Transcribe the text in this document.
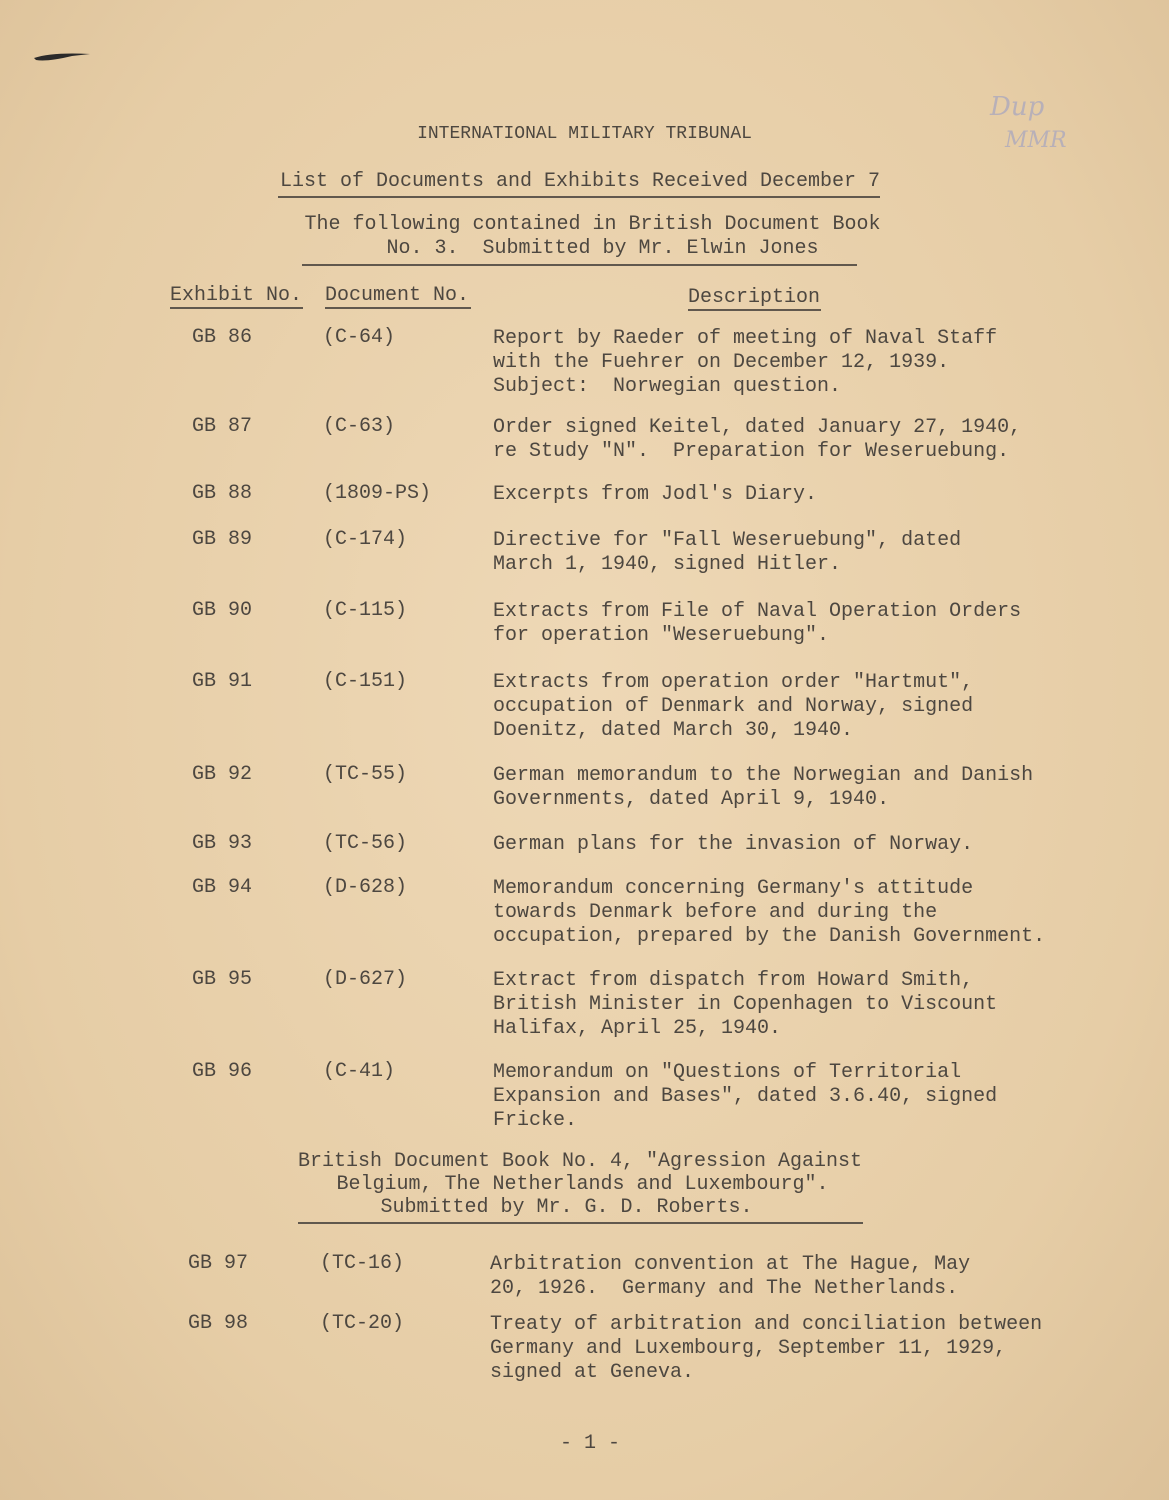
Dup
MMR
INTERNATIONAL MILITARY TRIBUNAL
List of Documents and Exhibits Received December 7
The following contained in British Document Book
No. 3.  Submitted by Mr. Elwin Jones
Exhibit No. Document No.	Description
GB 86	(C-64)	Report by Raeder of meeting of Naval Staff
with the Fuehrer on December 12, 1939.
Subject:  Norwegian question.
GB 87	(C-63)	Order signed Keitel, dated January 27, 1940,
re Study "N".  Preparation for Weseruebung.
GB 88	(1809-PS)	Excerpts from Jodl's Diary.
GB 89	(C-174)	Directive for "Fall Weseruebung", dated
March 1, 1940, signed Hitler.
GB 90	(C-115)	Extracts from File of Naval Operation Orders
for operation "Weseruebung".
GB 91	(C-151)	Extracts from operation order "Hartmut",
occupation of Denmark and Norway, signed
Doenitz, dated March 30, 1940.
GB 92	(TC-55)	German memorandum to the Norwegian and Danish
Governments, dated April 9, 1940.
GB 93	(TC-56)	German plans for the invasion of Norway.
GB 94	(D-628)	Memorandum concerning Germany's attitude
towards Denmark before and during the
occupation, prepared by the Danish Government.
GB 95	(D-627)	Extract from dispatch from Howard Smith,
British Minister in Copenhagen to Viscount
Halifax, April 25, 1940.
GB 96	(C-41)	Memorandum on "Questions of Territorial
Expansion and Bases", dated 3.6.40, signed
Fricke.
British Document Book No. 4, "Agression Against
Belgium, The Netherlands and Luxembourg".
Submitted by Mr. G. D. Roberts.
GB 97	(TC-16)	Arbitration convention at The Hague, May
20, 1926.  Germany and The Netherlands.
GB 98	(TC-20)	Treaty of arbitration and conciliation between
Germany and Luxembourg, September 11, 1929,
signed at Geneva.
- 1 -
